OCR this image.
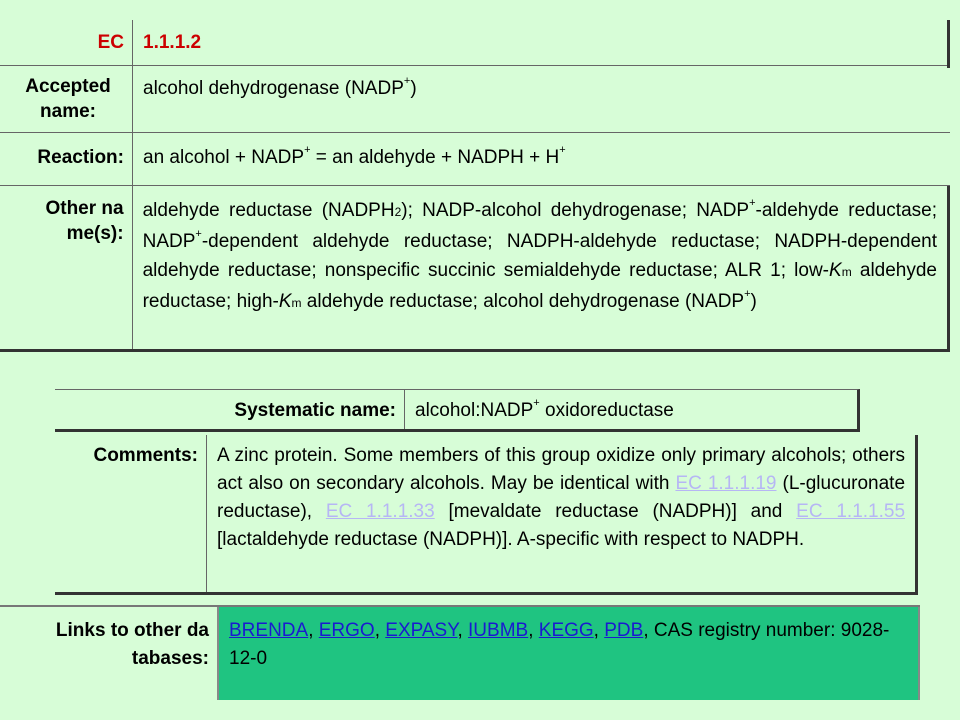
EC	1.1.1.2
Accepted name:
alcohol dehydrogenase (NADP+)
Reaction:	an alcohol + NADP+ = an aldehyde + NADPH + H+
Other na me(s):
aldehyde reductase (NADPH2); NADP-alcohol dehydrogenase; NADP+-aldehyde reductase; NADP+-dependent aldehyde reductase; NADPH-aldehyde reductase; NADPH-dependent aldehyde reductase; nonspecific succinic semialdehyde reductase; ALR 1; low-Km aldehyde reductase; high-Km aldehyde reductase; alcohol dehydrogenase (NADP+)
Systematic name:	alcohol:NADP+ oxidoreductase
Comments:	A zinc protein. Some members of this group oxidize only primary alcohols; others act also on secondary alcohols. May be identical with EC 1.1.1.19 (L-glucuronate reductase), EC 1.1.1.33 [mevaldate reductase (NADPH)] and EC 1.1.1.55 [lactaldehyde reductase (NADPH)]. A-specific with respect to NADPH.
Links to other da tabases:
BRENDA, ERGO, EXPASY, IUBMB, KEGG, PDB, CAS registry number: 9028-12-0
